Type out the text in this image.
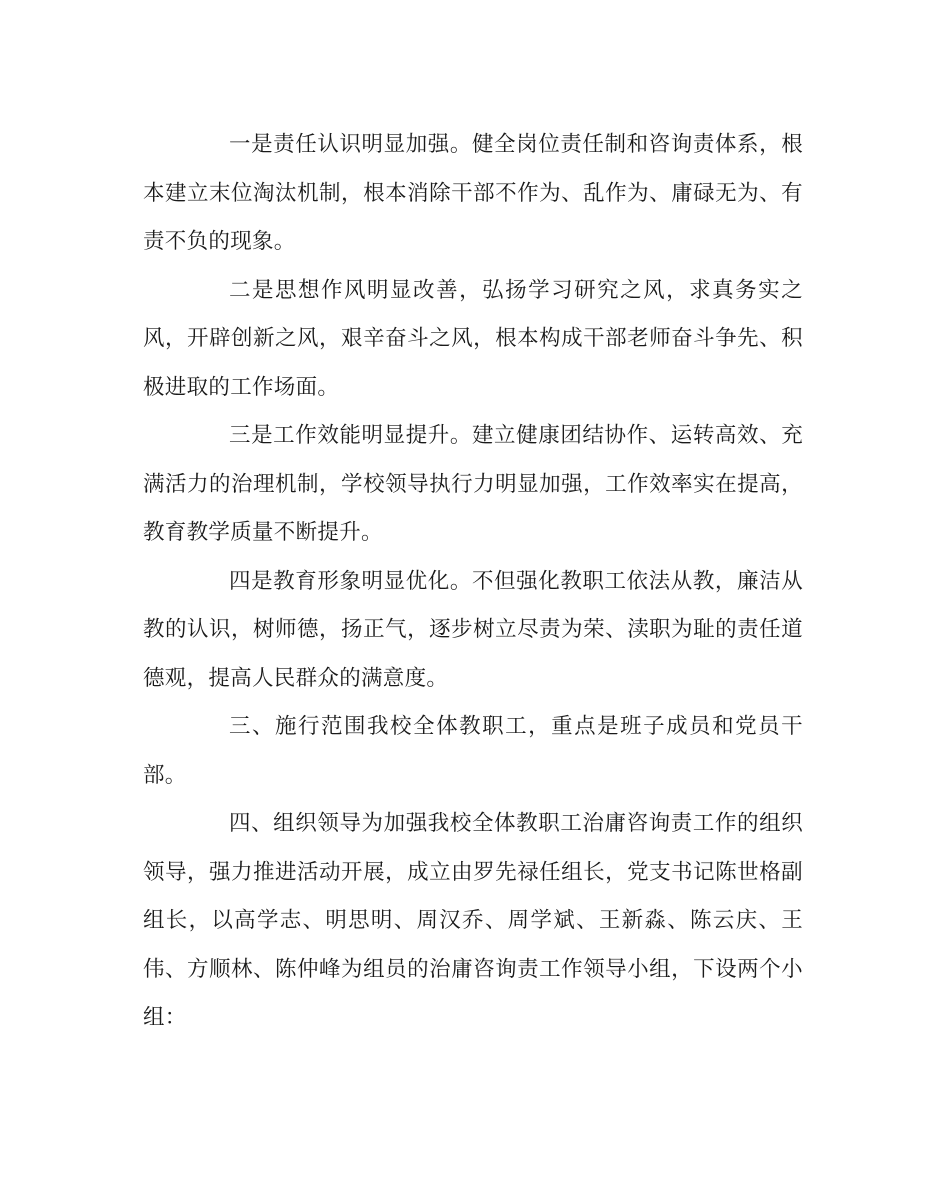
一是责任认识明显加强。健全岗位责任制和咨询责体系，根本建立末位淘汰机制，根本消除干部不作为、乱作为、庸碌无为、有责不负的现象。

二是思想作风明显改善，弘扬学习研究之风，求真务实之风，开辟创新之风，艰辛奋斗之风，根本构成干部老师奋斗争先、积极进取的工作场面。

三是工作效能明显提升。建立健康团结协作、运转高效、充满活力的治理机制，学校领导执行力明显加强，工作效率实在提高，教育教学质量不断提升。

四是教育形象明显优化。不但强化教职工依法从教，廉洁从教的认识，树师德，扬正气，逐步树立尽责为荣、渎职为耻的责任道德观，提高人民群众的满意度。

三、施行范围我校全体教职工，重点是班子成员和党员干部。

四、组织领导为加强我校全体教职工治庸咨询责工作的组织领导，强力推进活动开展，成立由罗先禄任组长，党支书记陈世格副组长，以高学志、明思明、周汉乔、周学斌、王新淼、陈云庆、王伟、方顺林、陈仲峰为组员的治庸咨询责工作领导小组，下设两个小组：
